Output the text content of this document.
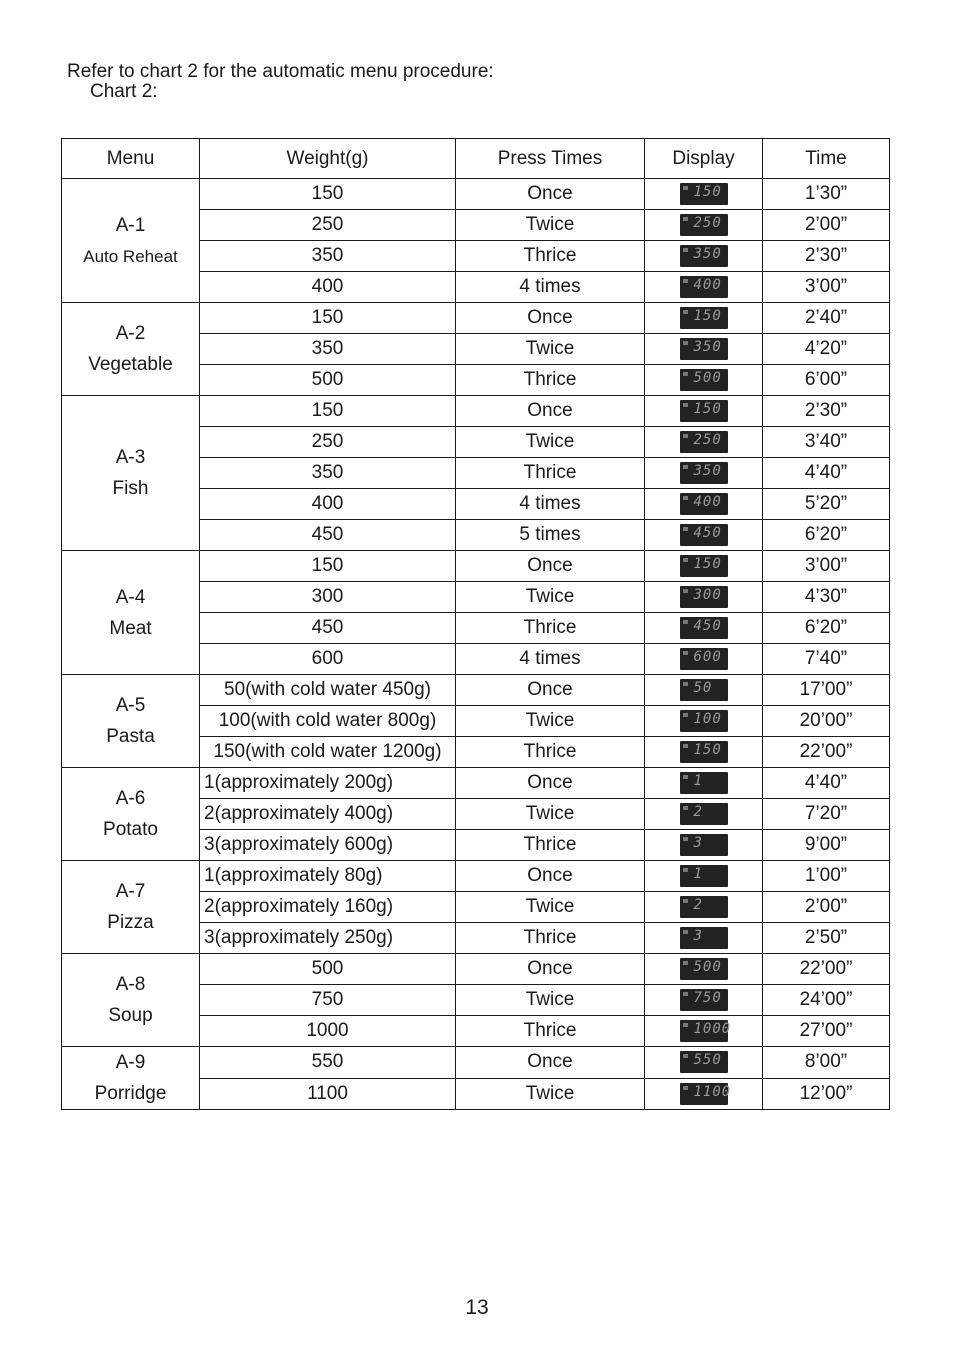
Refer to chart 2 for the automatic menu procedure:
Chart 2:
Menu	Weight(g)	Press Times	Display	Time

A-1
Auto Reheat	150	Once	150	1’30”
	250	Twice	250	2’00”
	350	Thrice	350	2’30”
	400	4 times	400	3’00”

A-2
Vegetable	150	Once	150	2’40”
	350	Twice	350	4’20”
	500	Thrice	500	6’00”

A-3
Fish	150	Once	150	2’30”
	250	Twice	250	3’40”
	350	Thrice	350	4’40”
	400	4 times	400	5’20”
	450	5 times	450	6’20”

A-4
Meat	150	Once	150	3’00”
	300	Twice	300	4’30”
	450	Thrice	450	6’20”
	600	4 times	600	7’40”

A-5
Pasta	50(with cold water 450g)	Once	50	17’00”
	100(with cold water 800g)	Twice	100	20’00”
	150(with cold water 1200g)	Thrice	150	22’00”

A-6
Potato	1(approximately 200g)	Once	1	4’40”
	2(approximately 400g)	Twice	2	7’20”
	3(approximately 600g)	Thrice	3	9’00”

A-7
Pizza	1(approximately 80g)	Once	1	1’00”
	2(approximately 160g)	Twice	2	2’00”
	3(approximately 250g)	Thrice	3	2’50”

A-8
Soup	500	Once	500	22’00”
	750	Twice	750	24’00”
	1000	Thrice	1000	27’00”

A-9
Porridge	550	Once	550	8’00”
	1100	Twice	1100	12’00”
13
